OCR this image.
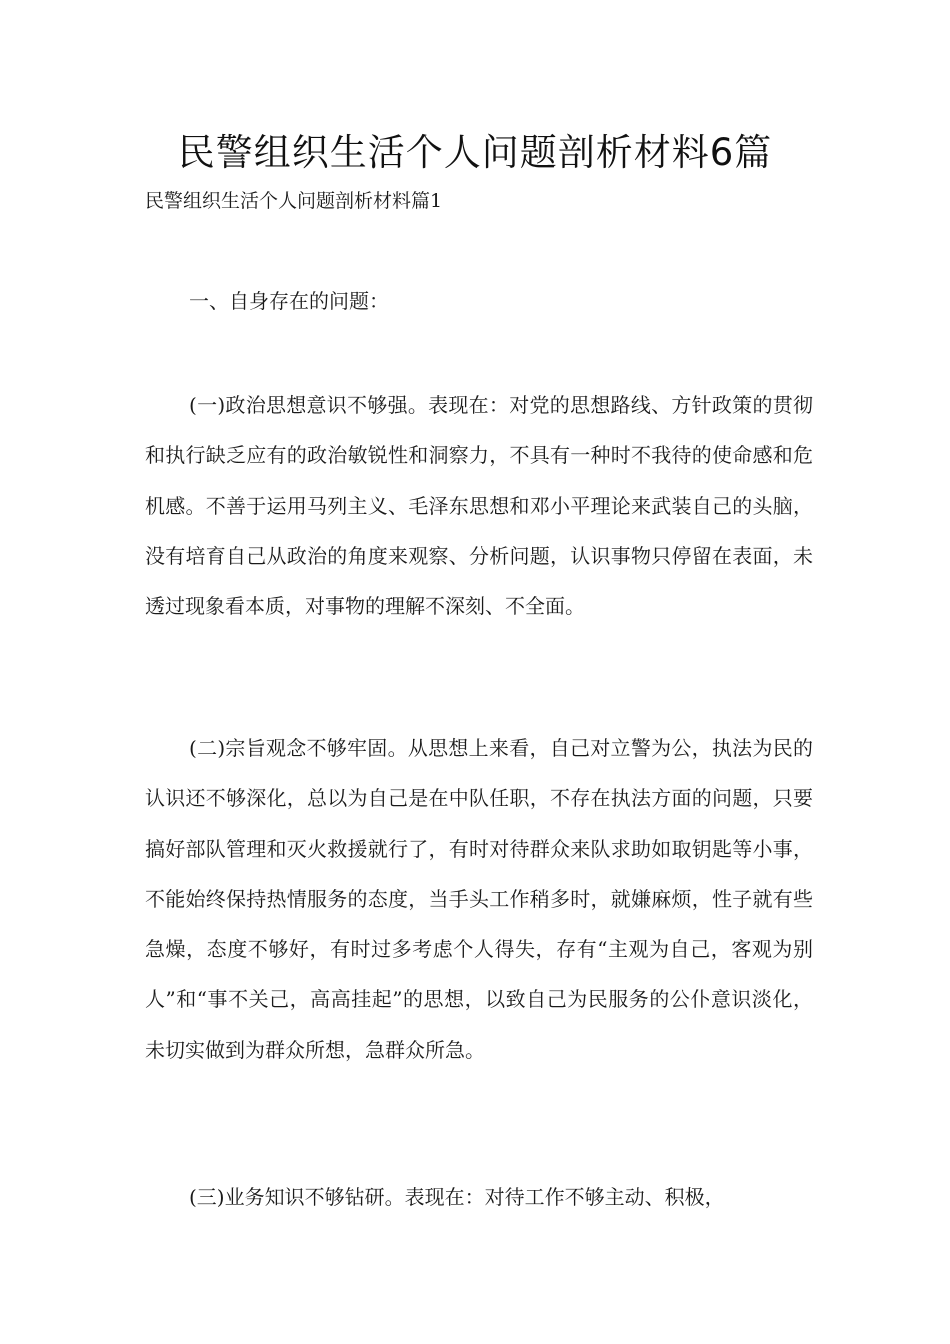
民警组织生活个人问题剖析材料6篇
民警组织生活个人问题剖析材料篇1
一、自身存在的问题：
(一)政治思想意识不够强。表现在：对党的思想路线、方针政策的贯彻和执行缺乏应有的政治敏锐性和洞察力，不具有一种时不我待的使命感和危机感。不善于运用马列主义、毛泽东思想和邓小平理论来武装自己的头脑，没有培育自己从政治的角度来观察、分析问题，认识事物只停留在表面，未透过现象看本质，对事物的理解不深刻、不全面。
(二)宗旨观念不够牢固。从思想上来看，自己对立警为公，执法为民的认识还不够深化，总以为自己是在中队任职，不存在执法方面的问题，只要搞好部队管理和灭火救援就行了，有时对待群众来队求助如取钥匙等小事，不能始终保持热情服务的态度，当手头工作稍多时，就嫌麻烦，性子就有些急燥，态度不够好，有时过多考虑个人得失，存有“主观为自己，客观为别人”和“事不关己，高高挂起”的思想，以致自己为民服务的公仆意识淡化，未切实做到为群众所想，急群众所急。
(三)业务知识不够钻研。表现在：对待工作不够主动、积极，
